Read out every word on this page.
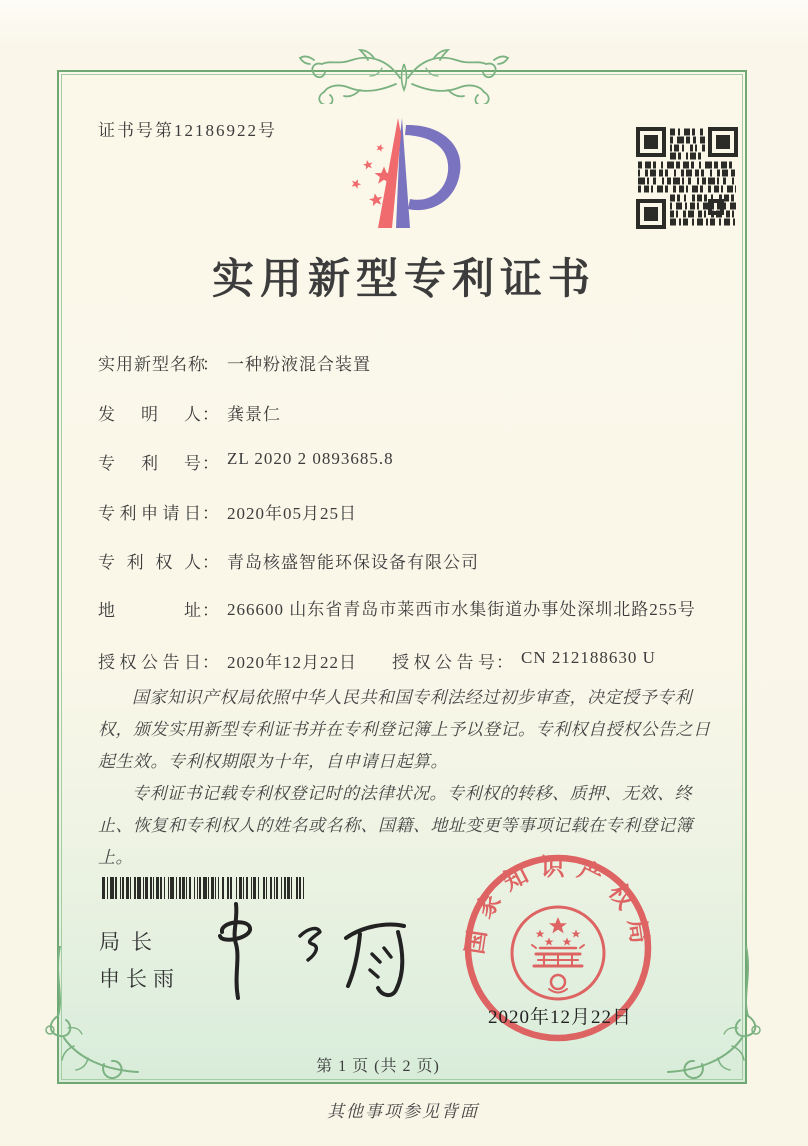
证书号第12186922号
实用新型专利证书
实用新型名称： 一种粉液混合装置
发明人： 龚景仁
专利号： ZL 2020 2 0893685.8
专利申请日： 2020年05月25日
专利权人： 青岛核盛智能环保设备有限公司
地址： 266600 山东省青岛市莱西市水集街道办事处深圳北路255号
授权公告日： 2020年12月22日 授权公告号： CN 212188630 U

国家知识产权局依照中华人民共和国专利法经过初步审查，决定授予专利权，颁发实用新型专利证书并在专利登记簿上予以登记。专利权自授权公告之日起生效。专利权期限为十年，自申请日起算。

专利证书记载专利权登记时的法律状况。专利权的转移、质押、无效、终止、恢复和专利权人的姓名或名称、国籍、地址变更等事项记载在专利登记簿上。

局长
申长雨
国家知识产权局
2020年12月22日
第 1 页 (共 2 页)
其他事项参见背面
